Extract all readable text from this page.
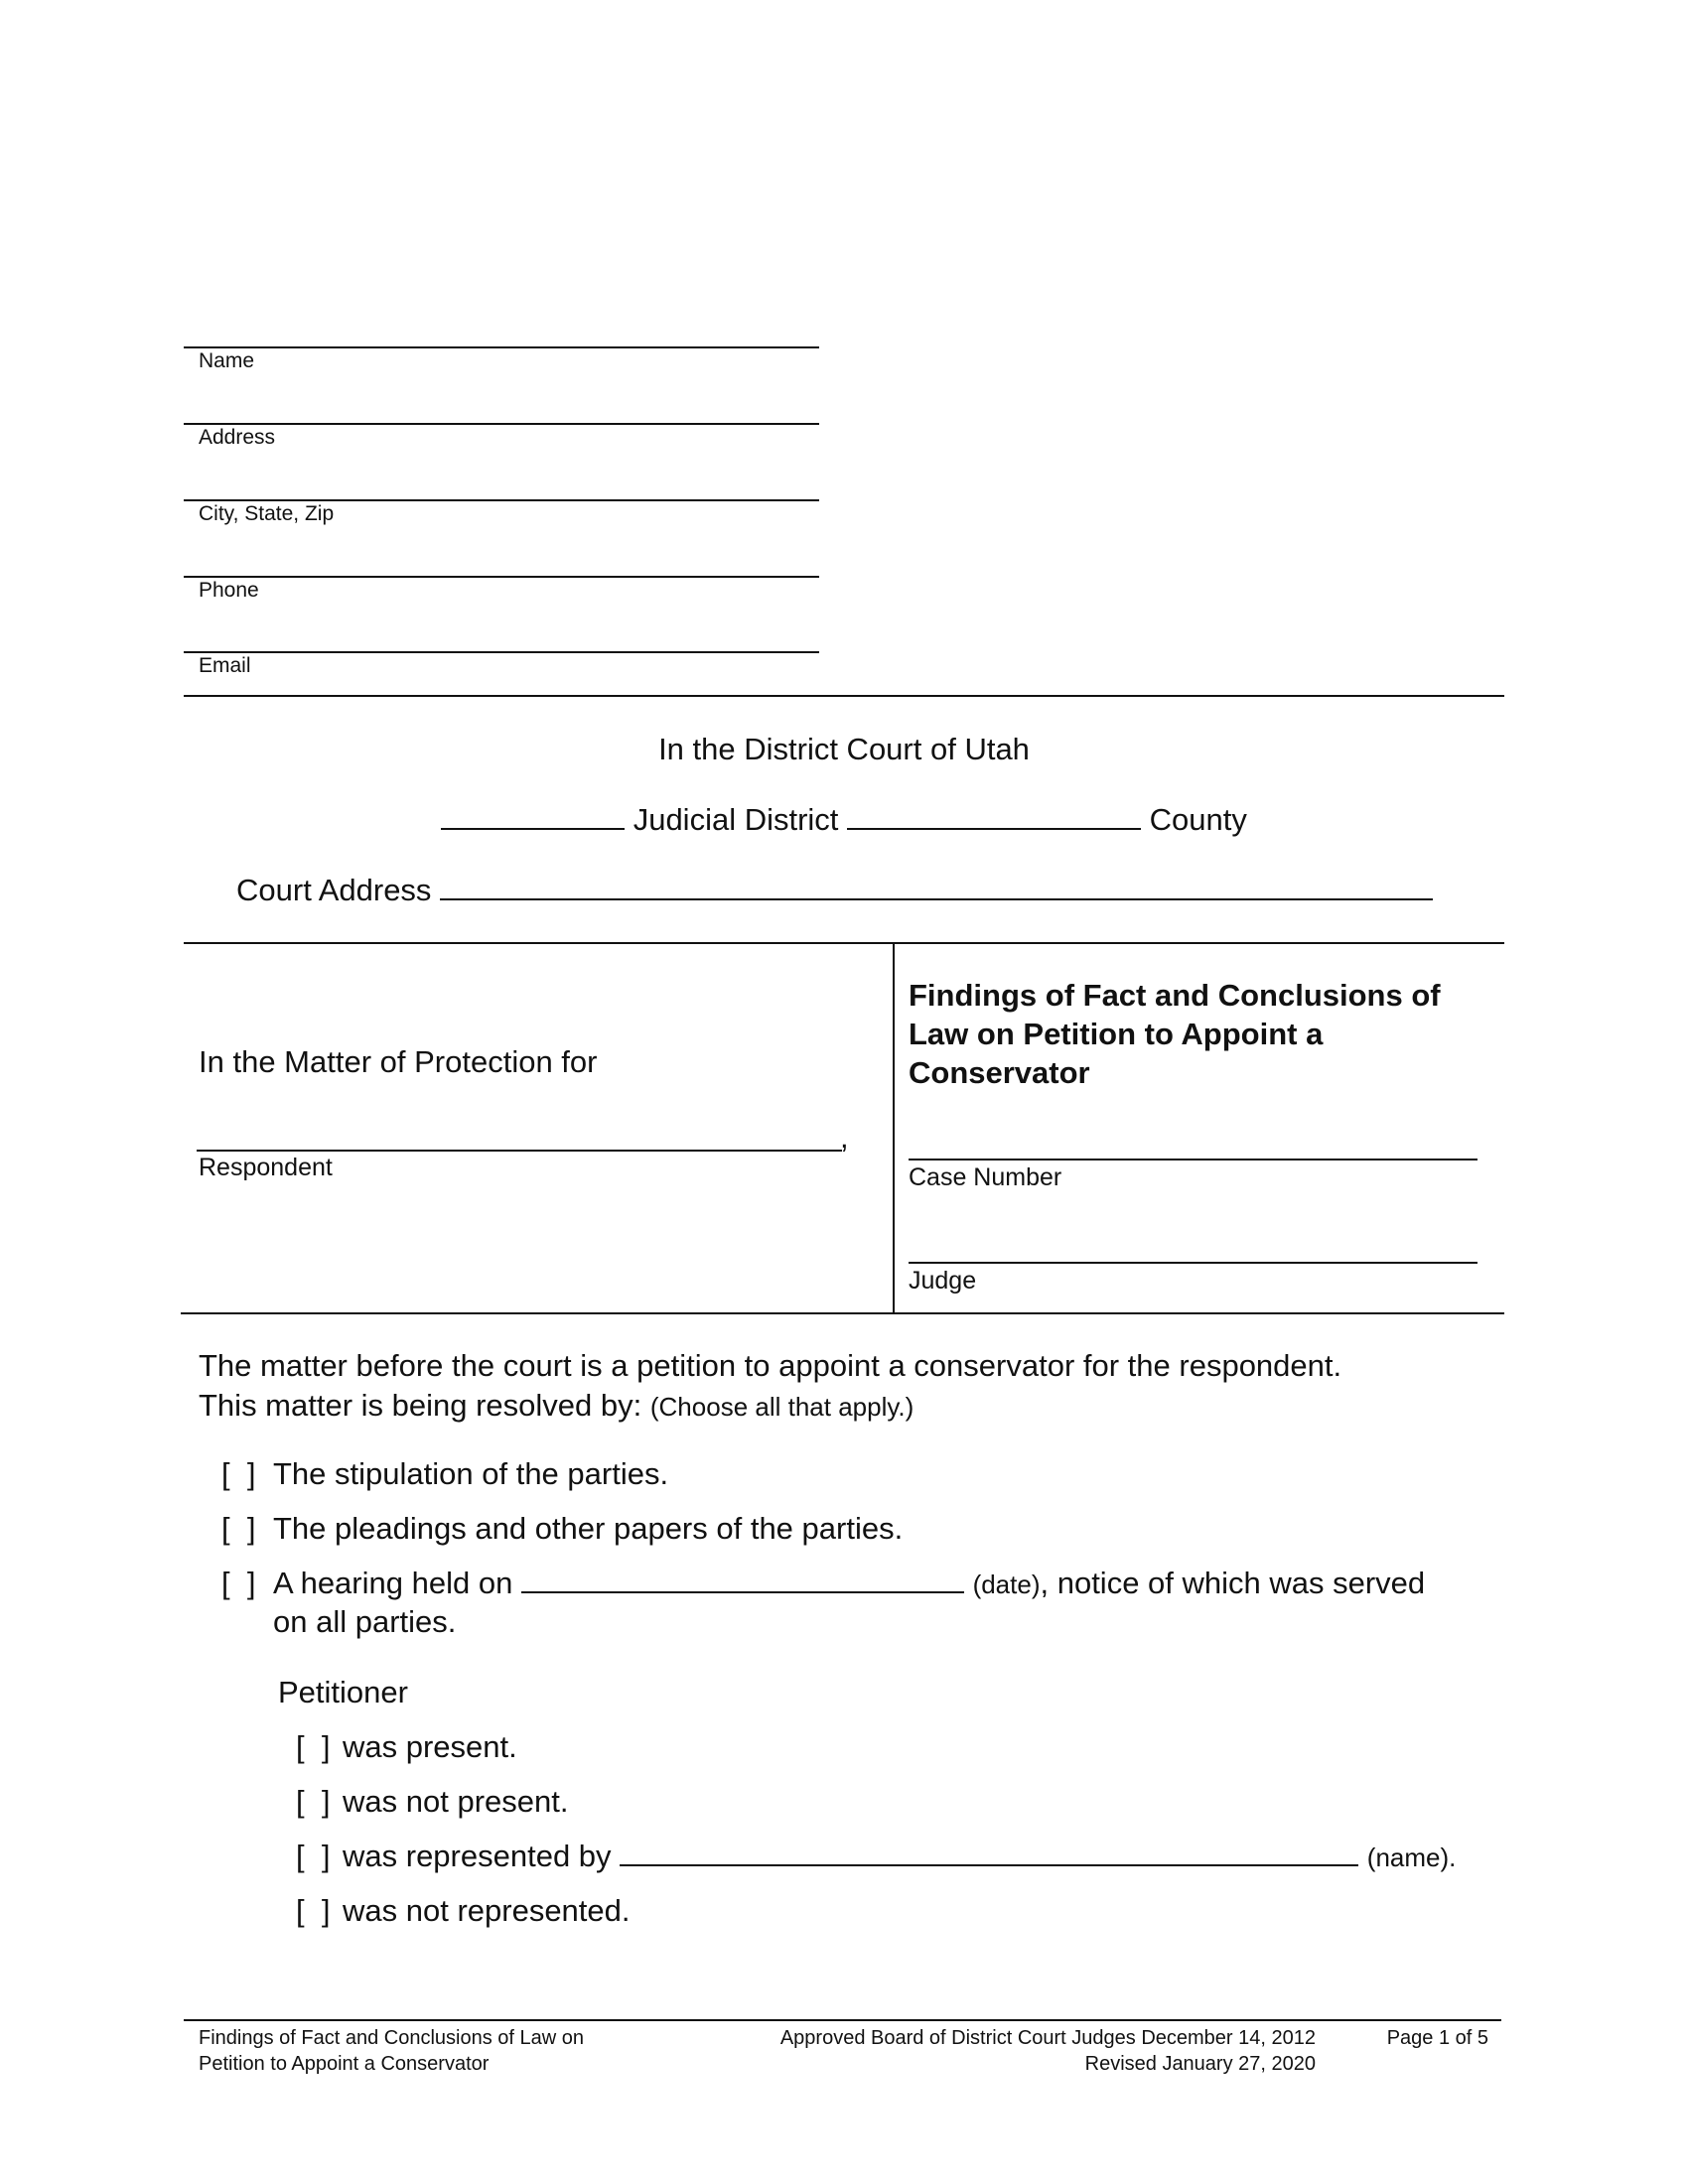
Name
Address
City, State, Zip
Phone
Email
In the District Court of Utah
Judicial District	County
Court Address
In the Matter of Protection for
,
Respondent
Findings of Fact and Conclusions of Law on Petition to Appoint a Conservator
Case Number
Judge
The matter before the court is a petition to appoint a conservator for the respondent.
This matter is being resolved by: (Choose all that apply.)
[  ] The stipulation of the parties.
[  ] The pleadings and other papers of the parties.
[  ] A hearing held on	(date), notice of which was served
on all parties.
Petitioner
[  ] was present.
[  ] was not present.
[  ] was represented by	(name).
[  ] was not represented.
Findings of Fact and Conclusions of Law on
Petition to Appoint a Conservator
Approved Board of District Court Judges December 14, 2012
Revised January 27, 2020
Page 1 of 5
